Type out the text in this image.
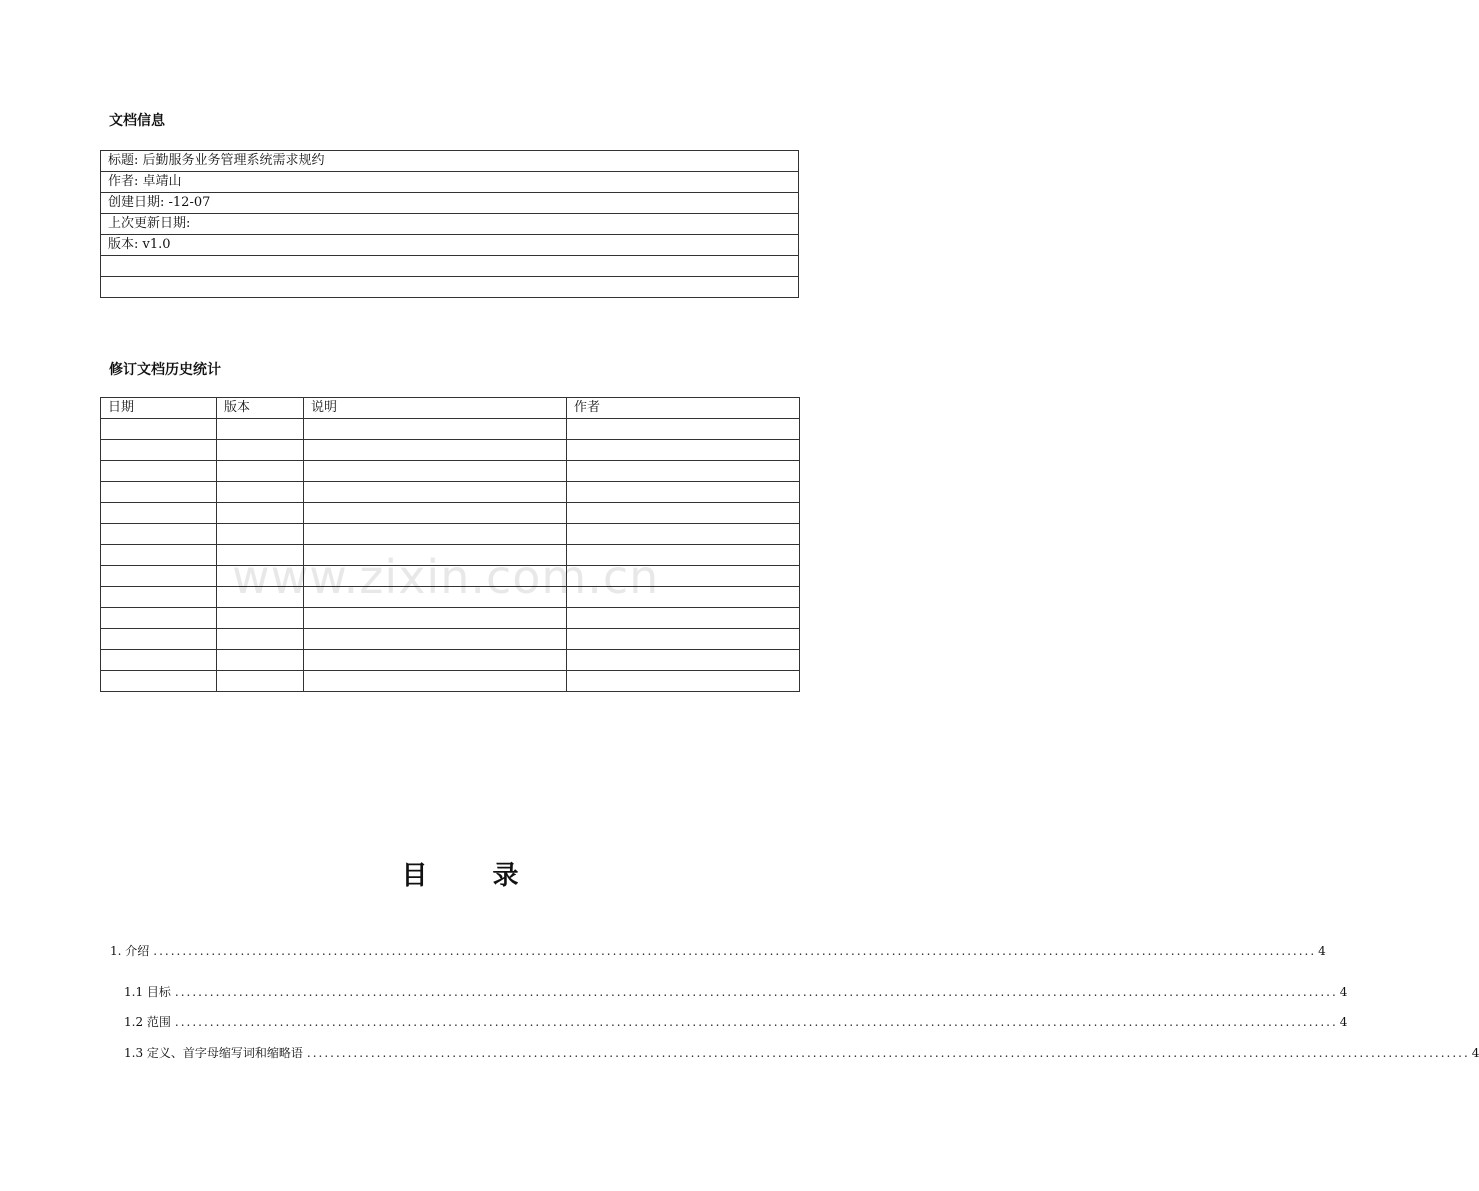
文档信息
标题: 后勤服务业务管理系统需求规约
作者: 卓靖山
创建日期: -12-07
上次更新日期:
版本: v1.0

修订文档历史统计
日期	版本	说明	作者

www.zixin.com.cn
目 录
1. 介绍 ........................................................................................................................................................................................................ 4
1.1 目标 ........................................................................................................................................................................................................ 4
1.2 范围 ........................................................................................................................................................................................................ 4
1.3 定义、首字母缩写词和缩略语 ........................................................................................................................................................................................................ 4
